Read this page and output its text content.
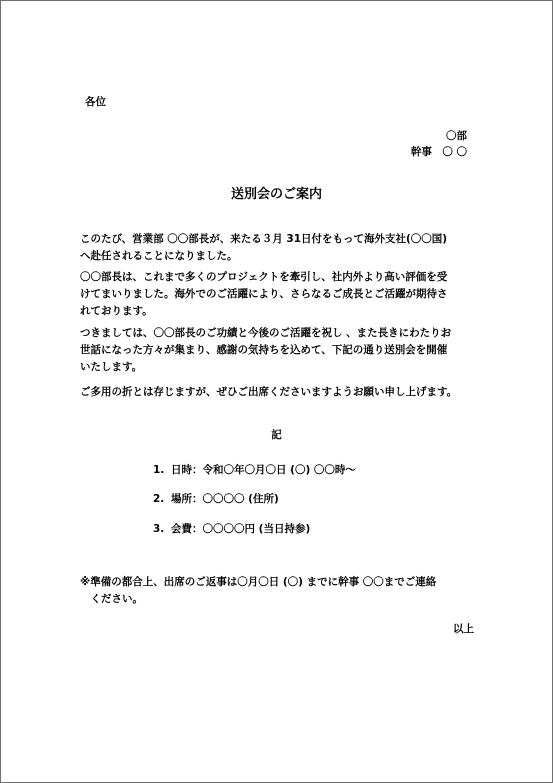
各位
〇部
幹事　〇 〇
送別会のご案内
このたび、営業部 〇〇部長が、来たる３月 31日付をもって海外支社(〇〇国)
へ赴任されることになりました。
〇〇部長は、これまで多くのプロジェクトを牽引し、社内外より高い評価を受
けてまいりました。海外でのご活躍により、さらなるご成長とご活躍が期待さ
れております。
つきましては、〇〇部長のご功績と今後のご活躍を祝し 、また長きにわたりお
世話になった方々が集まり、感謝の気持ちを込めて、下記の通り送別会を開催
いたします。
ご多用の折とは存じますが、ぜひご出席くださいますようお願い申し上げます。
記
1. 日時：令和〇年〇月〇日 (〇) 〇〇時〜
2. 場所：〇〇〇〇 (住所)
3. 会費：〇〇〇〇円 (当日持参)
※準備の都合上、出席のご返事は〇月〇日 (〇) までに幹事 〇〇までご連絡
　ください。
以上
